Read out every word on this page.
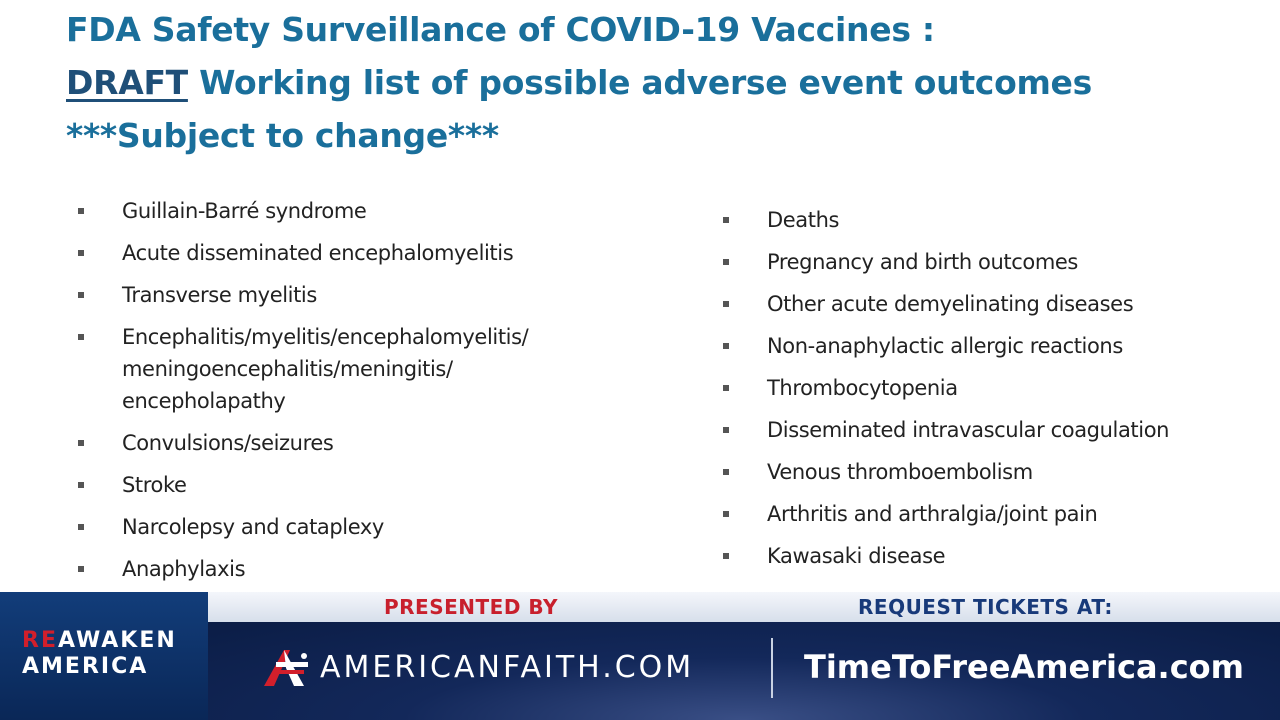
FDA Safety Surveillance of COVID-19 Vaccines :
DRAFT Working list of possible adverse event outcomes
***Subject to change***
Guillain-Barré syndrome
Acute disseminated encephalomyelitis
Transverse myelitis
Encephalitis/myelitis/encephalomyelitis/
meningoencephalitis/meningitis/
encepholapathy
Convulsions/seizures
Stroke
Narcolepsy and cataplexy
Anaphylaxis
Deaths
Pregnancy and birth outcomes
Other acute demyelinating diseases
Non-anaphylactic allergic reactions
Thrombocytopenia
Disseminated intravascular coagulation
Venous thromboembolism
Arthritis and arthralgia/joint pain
Kawasaki disease
REAWAKEN
AMERICA
PRESENTED BY	REQUEST TICKETS AT:
AMERICANFAITH.COM	TimeToFreeAmerica.com
